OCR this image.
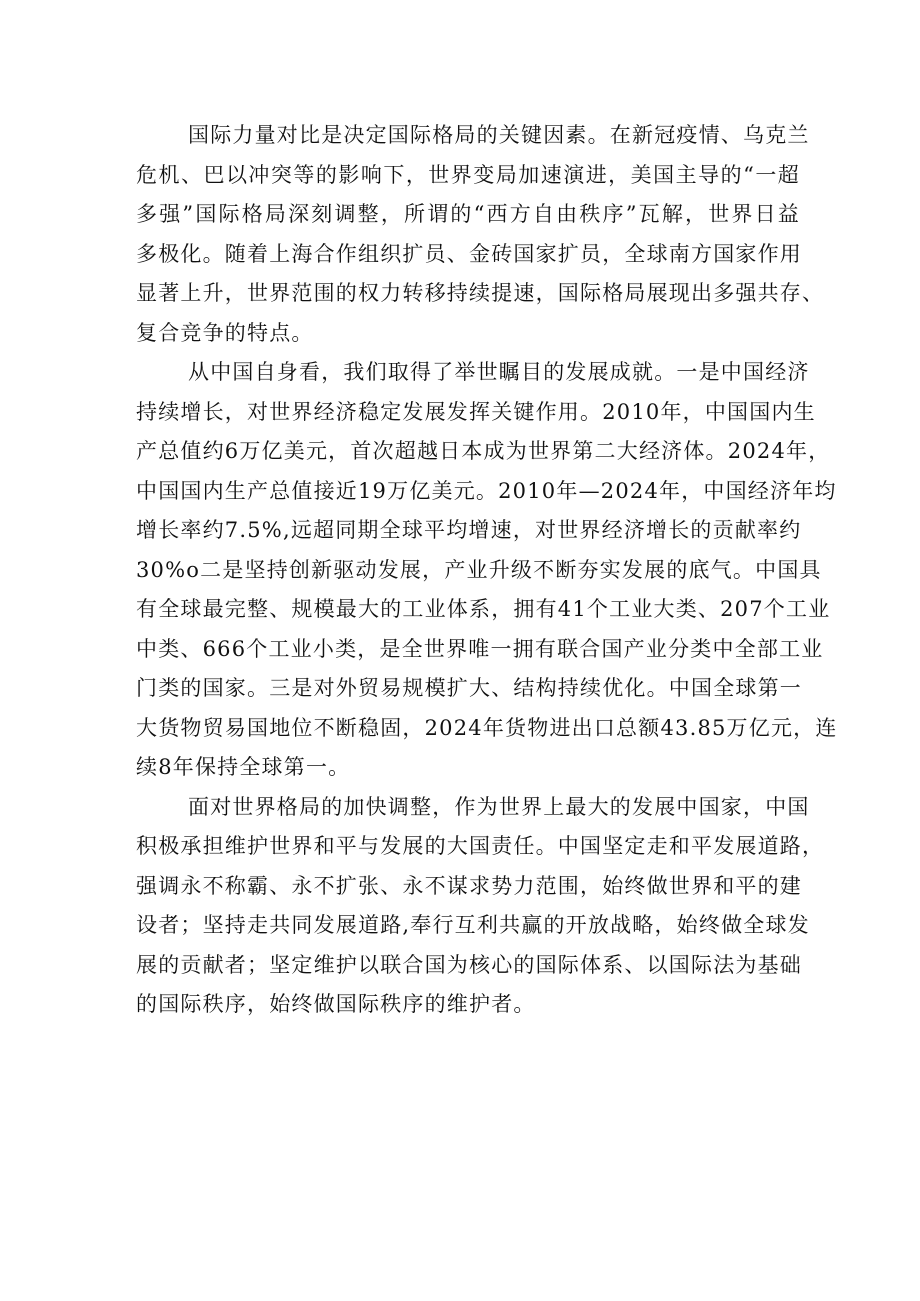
国际力量对比是决定国际格局的关键因素。在新冠疫情、乌克兰
危机、巴以冲突等的影响下，世界变局加速演进，美国主导的“一超
多强”国际格局深刻调整，所谓的“西方自由秩序”瓦解，世界日益
多极化。随着上海合作组织扩员、金砖国家扩员，全球南方国家作用
显著上升，世界范围的权力转移持续提速，国际格局展现出多强共存、
复合竞争的特点。
从中国自身看，我们取得了举世瞩目的发展成就。一是中国经济
持续增长，对世界经济稳定发展发挥关键作用。2010年，中国国内生
产总值约6万亿美元，首次超越日本成为世界第二大经济体。2024年，
中国国内生产总值接近19万亿美元。2010年—2024年，中国经济年均
增长率约7.5%,远超同期全球平均增速，对世界经济增长的贡献率约
30%o二是坚持创新驱动发展，产业升级不断夯实发展的底气。中国具
有全球最完整、规模最大的工业体系，拥有41个工业大类、207个工业
中类、666个工业小类，是全世界唯一拥有联合国产业分类中全部工业
门类的国家。三是对外贸易规模扩大、结构持续优化。中国全球第一
大货物贸易国地位不断稳固，2024年货物进出口总额43.85万亿元，连
续8年保持全球第一。
面对世界格局的加快调整，作为世界上最大的发展中国家，中国
积极承担维护世界和平与发展的大国责任。中国坚定走和平发展道路，
强调永不称霸、永不扩张、永不谋求势力范围，始终做世界和平的建
设者；坚持走共同发展道路,奉行互利共赢的开放战略，始终做全球发
展的贡献者；坚定维护以联合国为核心的国际体系、以国际法为基础
的国际秩序，始终做国际秩序的维护者。
